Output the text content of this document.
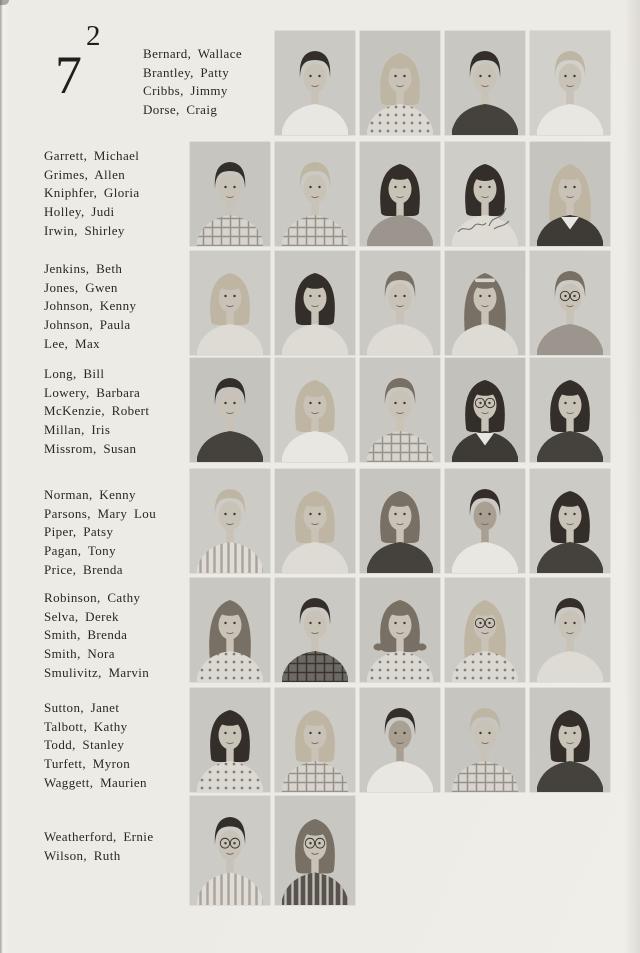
2
7	Bernard, Wallace
Brantley, Patty
Cribbs, Jimmy
Dorse, Craig
Garrett, Michael
Grimes, Allen
Kniphfer, Gloria
Holley, Judi
Irwin, Shirley
Jenkins, Beth
Jones, Gwen
Johnson, Kenny
Johnson, Paula
Lee, Max
Long, Bill
Lowery, Barbara
McKenzie, Robert
Millan, Iris
Missrom, Susan
Norman, Kenny
Parsons, Mary Lou
Piper, Patsy
Pagan, Tony
Price, Brenda
Robinson, Cathy
Selva, Derek
Smith, Brenda
Smith, Nora
Smulivitz, Marvin
Sutton, Janet
Talbott, Kathy
Todd, Stanley
Turfett, Myron
Waggett, Maurien
Weatherford, Ernie
Wilson, Ruth
